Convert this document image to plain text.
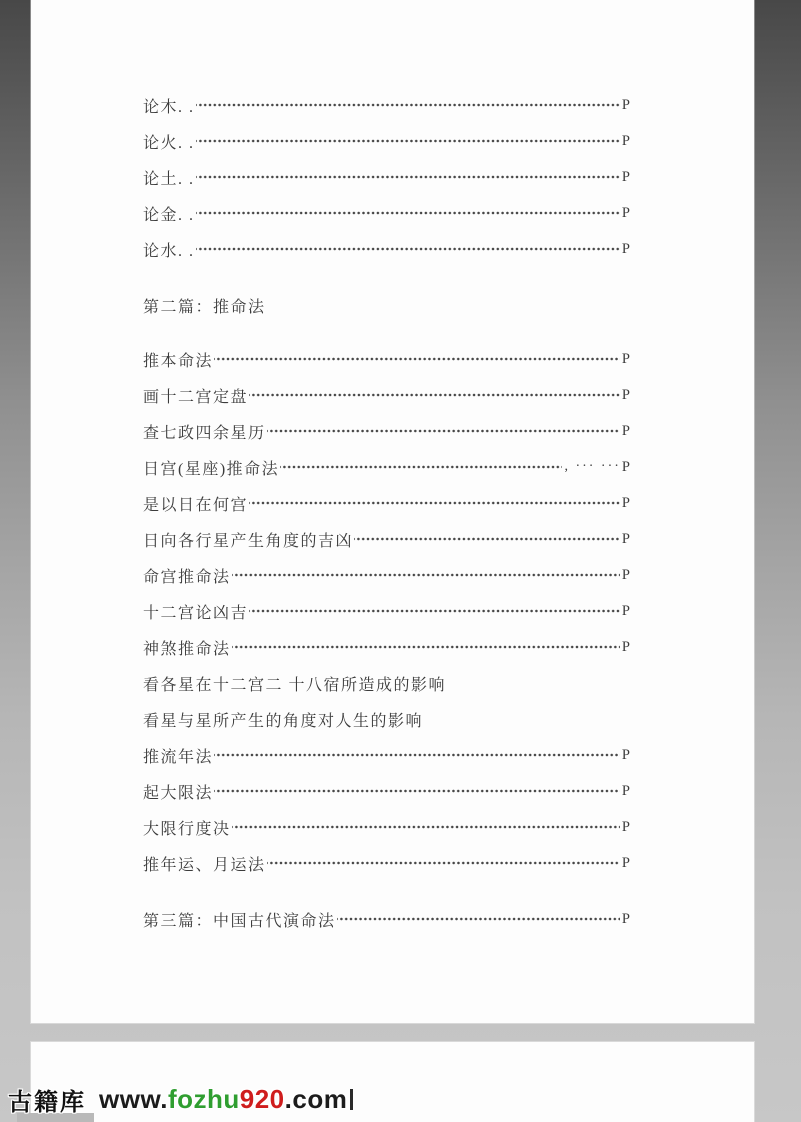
论木. .	P
论火. .	P
论土. .	P
论金. .	P
论水. .	P
第二篇：推命法
推本命法	P
画十二宫定盘	P
查七政四余星历	P
日宫(星座)推命法	, ··· ··· P
是以日在何宫	P
日向各行星产生角度的吉凶	P
命宫推命法	P
十二宫论凶吉	P
神煞推命法	P
看各星在十二宫二 十八宿所造成的影响
看星与星所产生的角度对人生的影响
推流年法	P
起大限法	P
大限行度决	P
推年运、月运法	P
第三篇：中国古代演命法	P
古籍库 www.fozhu920.com
